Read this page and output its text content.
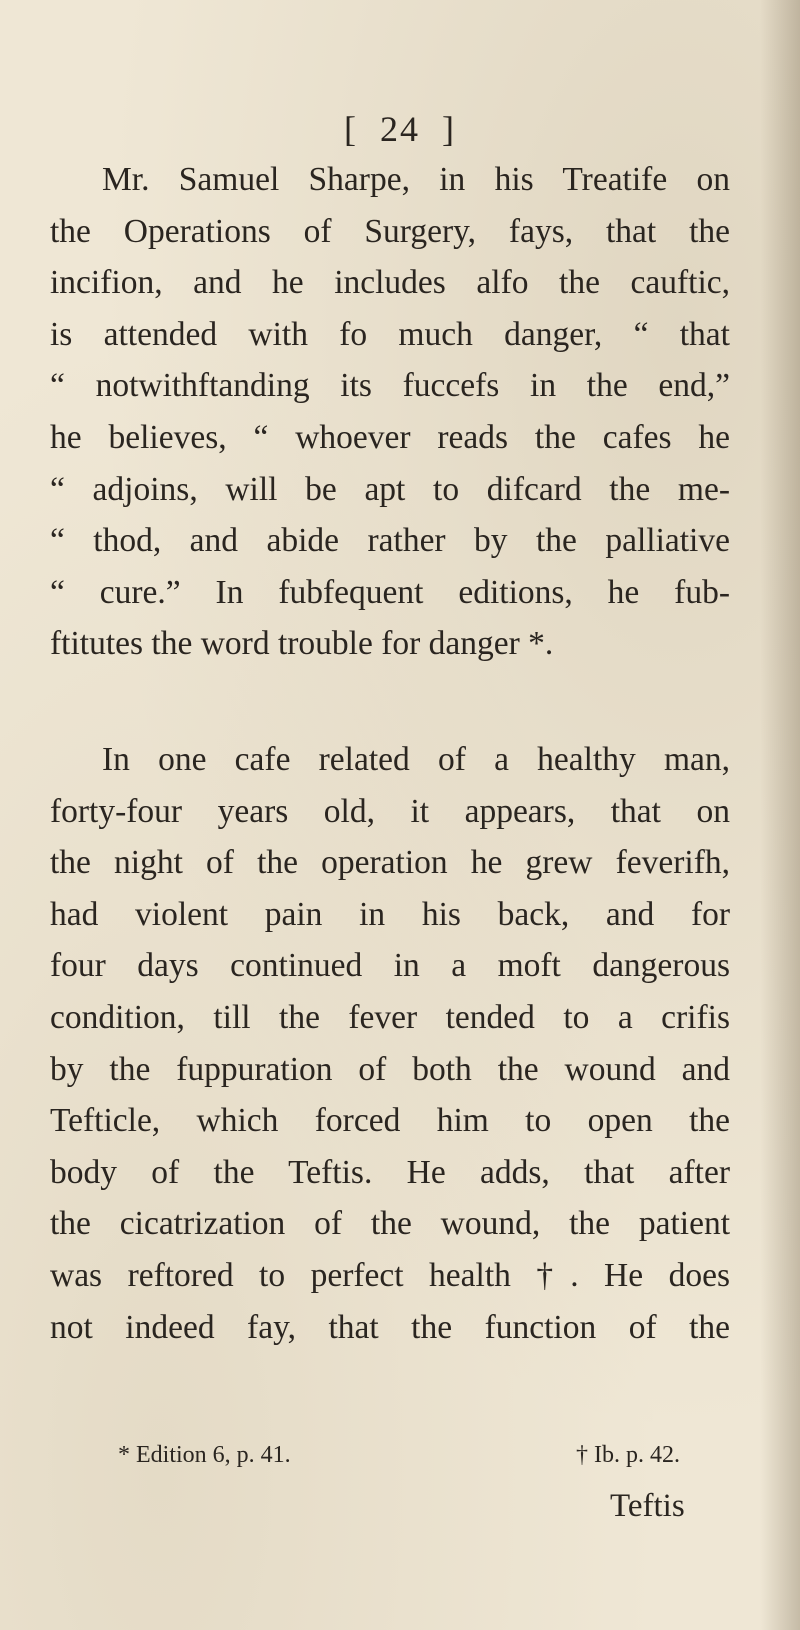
[ 24 ]

Mr. Samuel Sharpe, in his Treatife on
the Operations of Surgery, fays, that the
incifion, and he includes alfo the cauftic,
is attended with fo much danger, “ that
“ notwithftanding its fuccefs in the end,”
he believes, “ whoever reads the cafes he
“ adjoins, will be apt to difcard the me-
“ thod, and abide rather by the palliative
“ cure.” In fubfequent editions, he fub-
ftitutes the word trouble for danger *.

In one cafe related of a healthy man,
forty-four years old, it appears, that on
the night of the operation he grew feverifh,
had violent pain in his back, and for
four days continued in a moft dangerous
condition, till the fever tended to a crifis
by the fuppuration of both the wound and
Tefticle, which forced him to open the
body of the Teftis. He adds, that after
the cicatrization of the wound, the patient
was reftored to perfect health †. He does
not indeed fay, that the function of the

* Edition 6, p. 41.	† Ib. p. 42.
Teftis
